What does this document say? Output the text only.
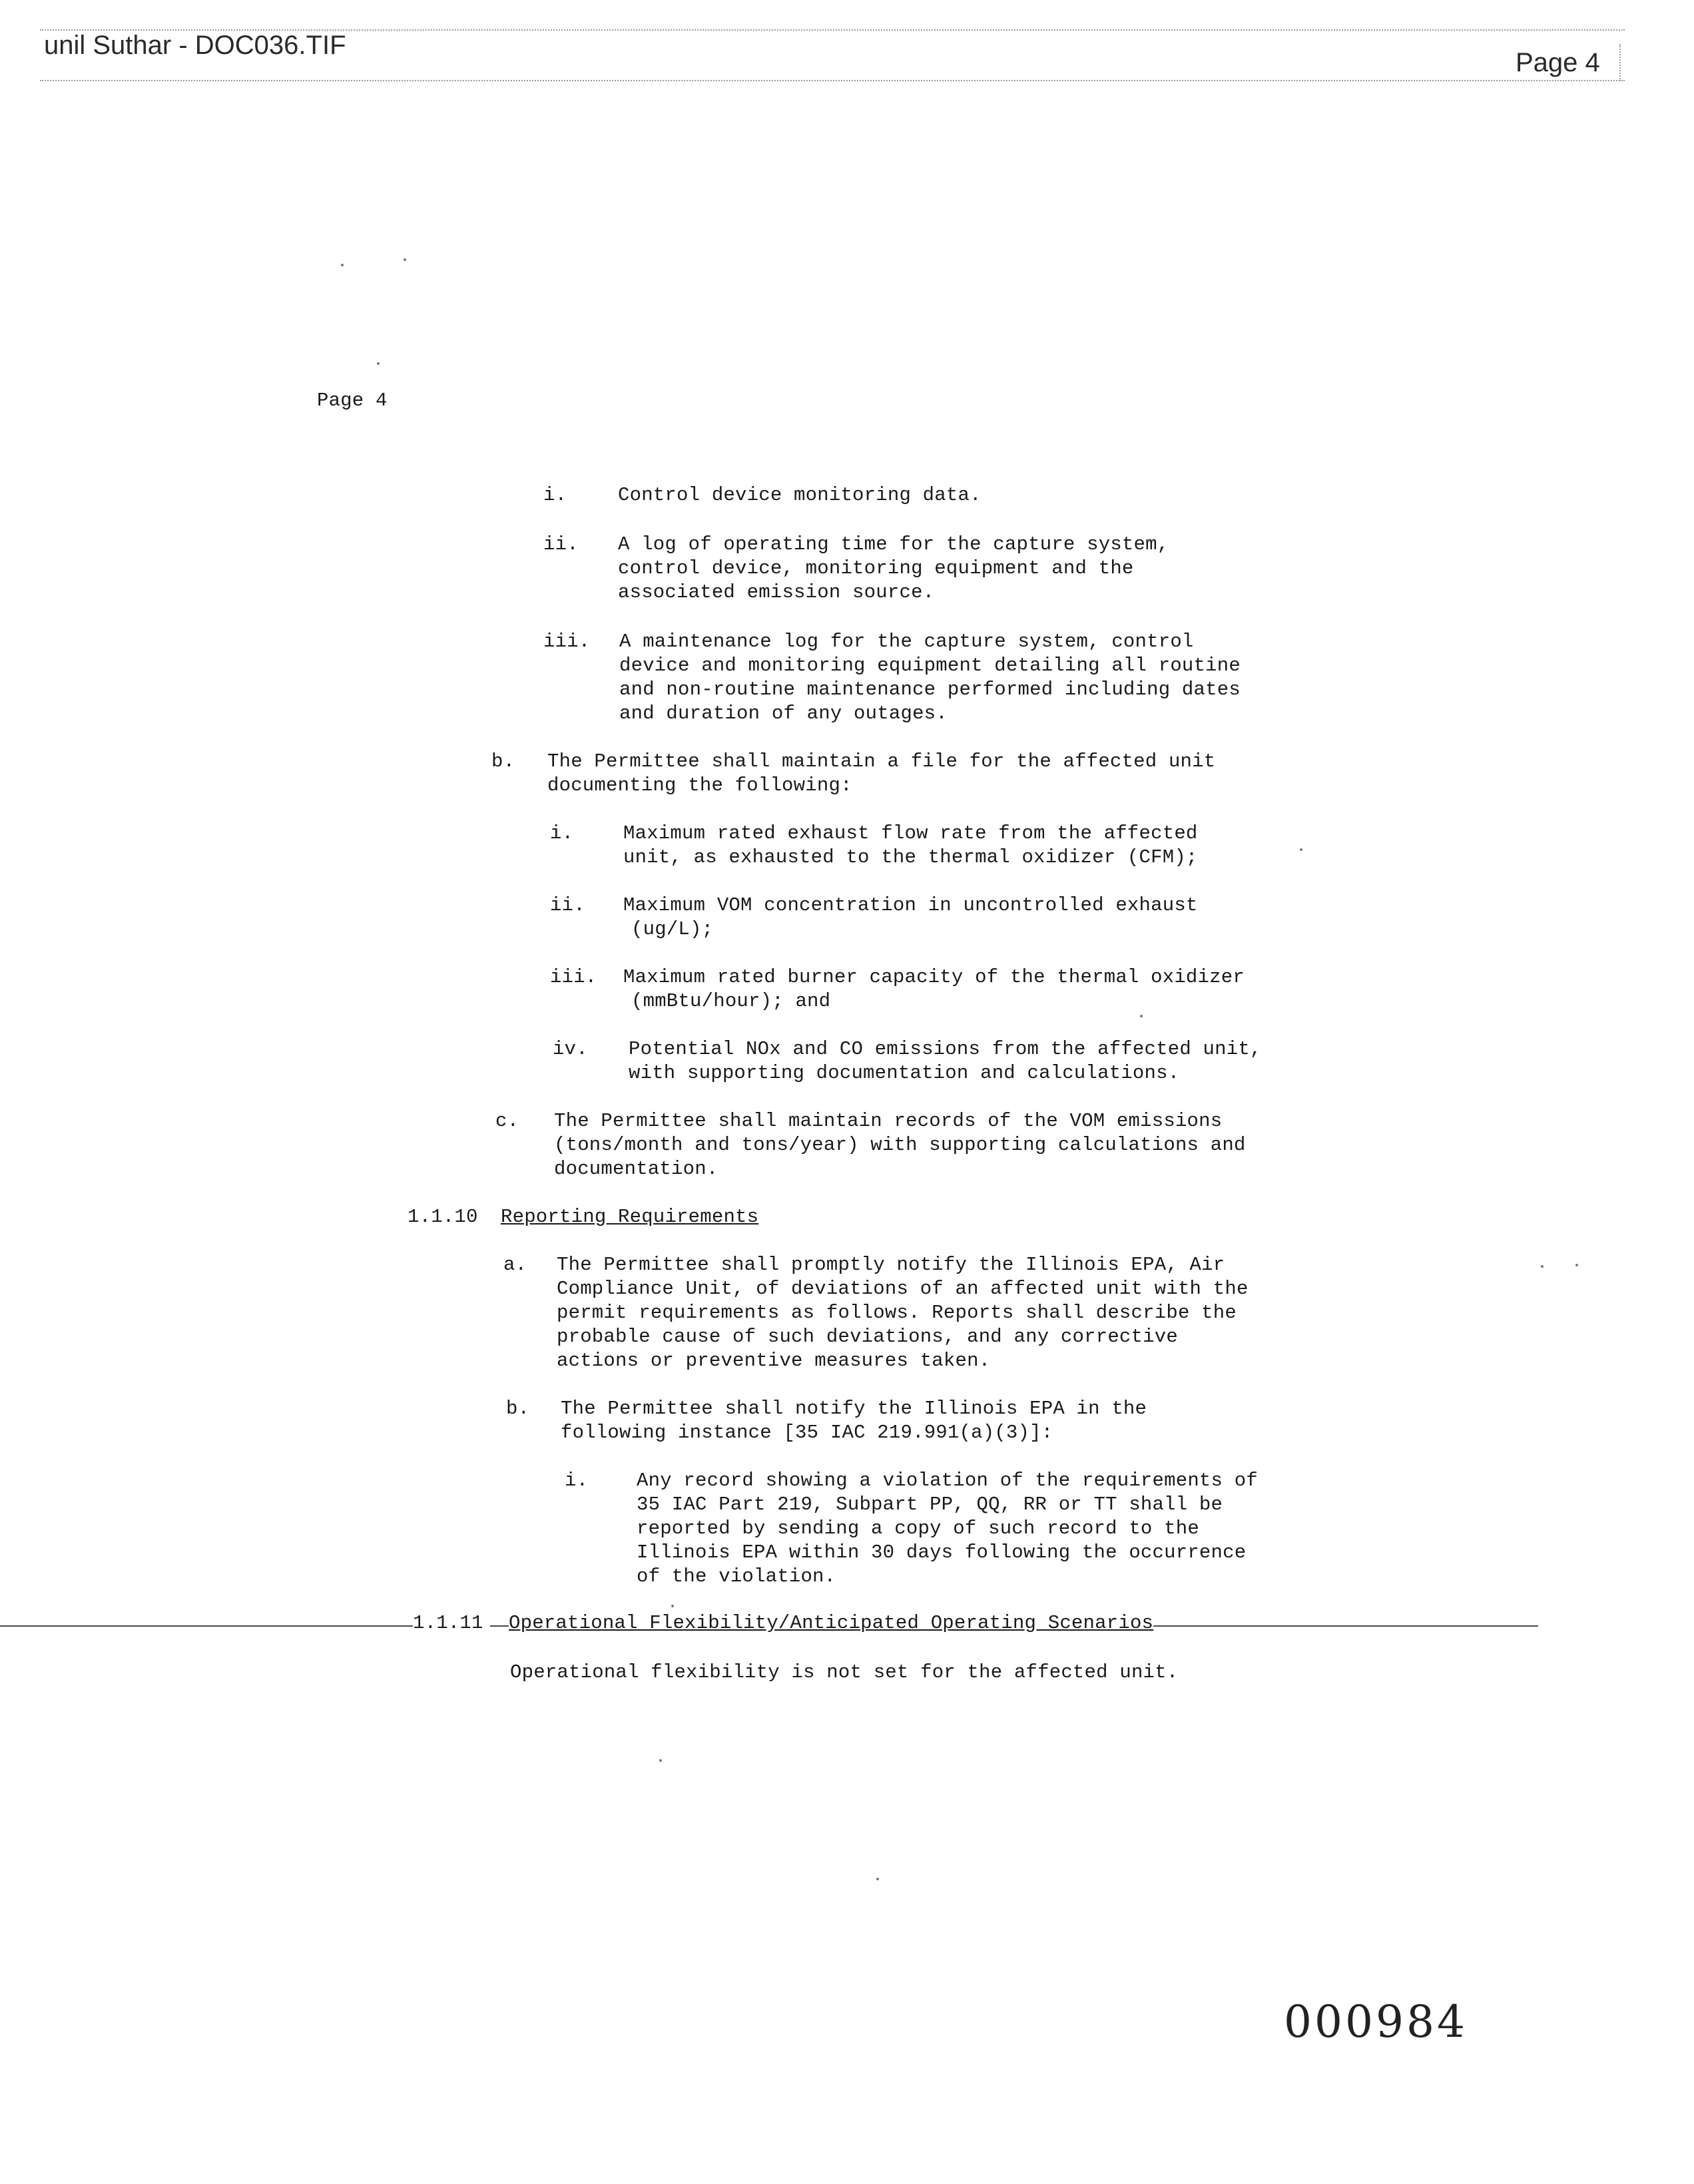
unil Suthar - DOC036.TIF
Page 4
Page 4
i.	Control device monitoring data.
ii. A log of operating time for the capture system,
control device, monitoring equipment and the
associated emission source.
iii. A maintenance log for the capture system, control
device and monitoring equipment detailing all routine
and non-routine maintenance performed including dates
and duration of any outages.
b. The Permittee shall maintain a file for the affected unit
documenting the following:
i.	Maximum rated exhaust flow rate from the affected
unit, as exhausted to the thermal oxidizer (CFM);
ii. Maximum VOM concentration in uncontrolled exhaust
(ug/L);
iii. Maximum rated burner capacity of the thermal oxidizer
(mmBtu/hour); and
iv. Potential NOx and CO emissions from the affected unit,
with supporting documentation and calculations.
c. The Permittee shall maintain records of the VOM emissions
(tons/month and tons/year) with supporting calculations and
documentation.
1.1.10 Reporting Requirements
a. The Permittee shall promptly notify the Illinois EPA, Air
Compliance Unit, of deviations of an affected unit with the
permit requirements as follows. Reports shall describe the
probable cause of such deviations, and any corrective
actions or preventive measures taken.
b. The Permittee shall notify the Illinois EPA in the
following instance [35 IAC 219.991(a)(3)]:
i.	Any record showing a violation of the requirements of
35 IAC Part 219, Subpart PP, QQ, RR or TT shall be
reported by sending a copy of such record to the
Illinois EPA within 30 days following the occurrence
of the violation.
1.1.11	Operational Flexibility/Anticipated Operating Scenarios
Operational flexibility is not set for the affected unit.
000984
